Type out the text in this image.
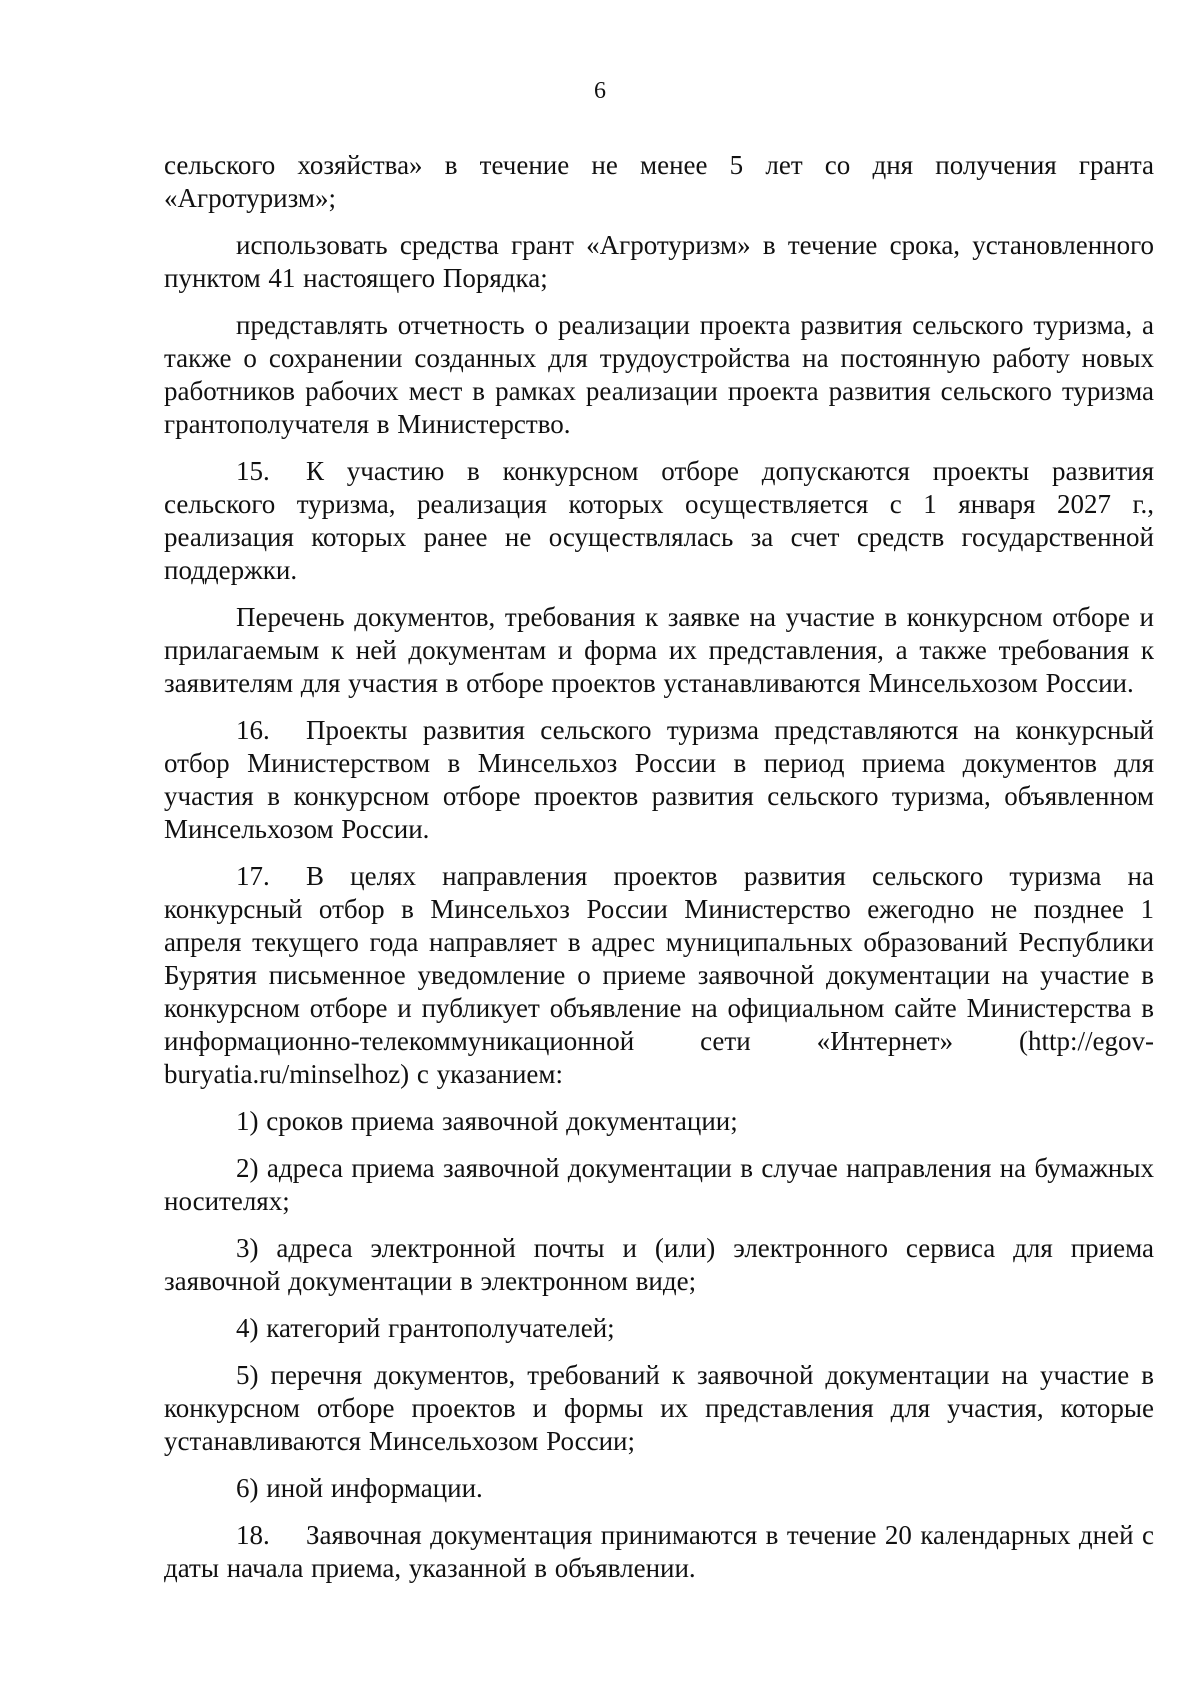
6

сельского хозяйства» в течение не менее 5 лет со дня получения гранта «Агротуризм»;

использовать средства грант «Агротуризм» в течение срока, установленного пунктом 41 настоящего Порядка;

представлять отчетность о реализации проекта развития сельского туризма, а также о сохранении созданных для трудоустройства на постоянную работу новых работников рабочих мест в рамках реализации проекта развития сельского туризма грантополучателя в Министерство.

15. К участию в конкурсном отборе допускаются проекты развития сельского туризма, реализация которых осуществляется с 1 января 2027 г., реализация которых ранее не осуществлялась за счет средств государственной поддержки.

Перечень документов, требования к заявке на участие в конкурсном отборе и прилагаемым к ней документам и форма их представления, а также требования к заявителям для участия в отборе проектов устанавливаются Минсельхозом России.

16. Проекты развития сельского туризма представляются на конкурсный отбор Министерством в Минсельхоз России в период приема документов для участия в конкурсном отборе проектов развития сельского туризма, объявленном Минсельхозом России.

17. В целях направления проектов развития сельского туризма на конкурсный отбор в Минсельхоз России Министерство ежегодно не позднее 1 апреля текущего года направляет в адрес муниципальных образований Республики Бурятия письменное уведомление о приеме заявочной документации на участие в конкурсном отборе и публикует объявление на официальном сайте Министерства в информационно-телекоммуникационной сети «Интернет» (http://egov-buryatia.ru/minselhoz) с указанием:

1) сроков приема заявочной документации;

2) адреса приема заявочной документации в случае направления на бумажных носителях;

3) адреса электронной почты и (или) электронного сервиса для приема заявочной документации в электронном виде;

4) категорий грантополучателей;

5) перечня документов, требований к заявочной документации на участие в конкурсном отборе проектов и формы их представления для участия, которые устанавливаются Минсельхозом России;

6) иной информации.

18. Заявочная документация принимаются в течение 20 календарных дней с даты начала приема, указанной в объявлении.
